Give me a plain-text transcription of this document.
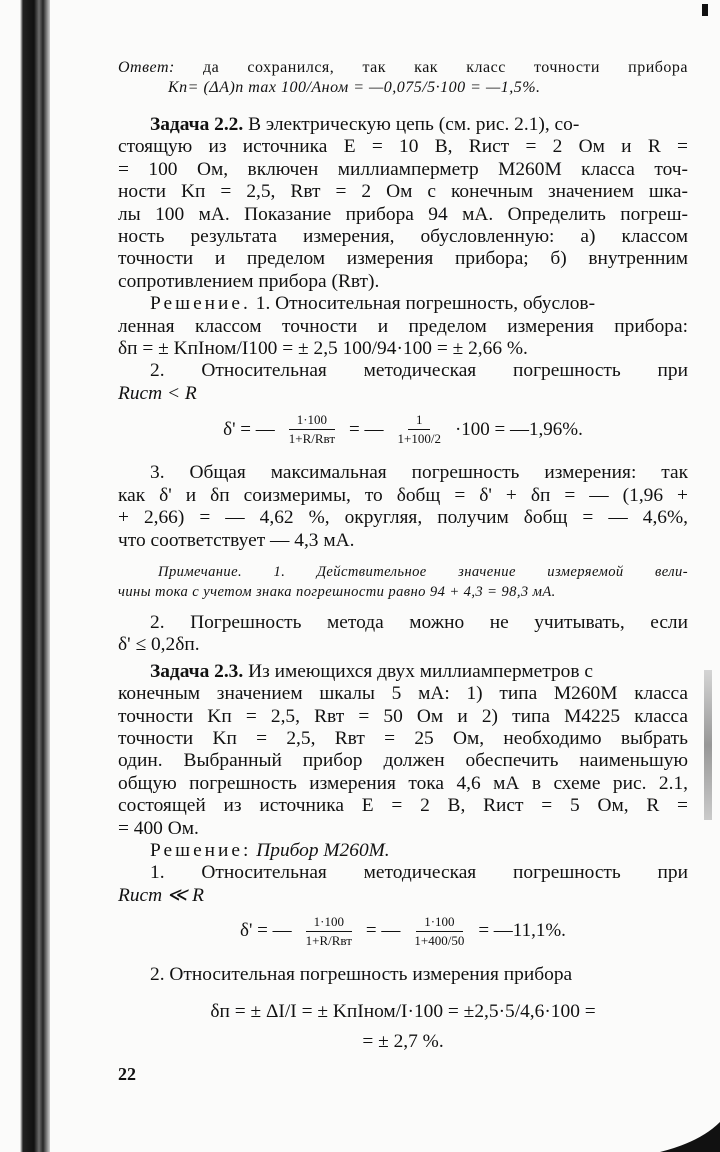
Ответ: да сохранился, так как класс точности прибора
Kп= (ΔA)п max 100/Aном = —0,075/5·100 = —1,5%.
Задача 2.2. В электрическую цепь (см. рис. 2.1), со-
стоящую из источника E = 10 В, Rист = 2 Ом и R =
= 100 Ом, включен миллиамперметр М260М класса точ-
ности Kп = 2,5, Rвт = 2 Ом с конечным значением шка-
лы 100 мА. Показание прибора 94 мА. Определить погреш-
ность результата измерения, обусловленную: а) классом
точности и пределом измерения прибора; б) внутренним
сопротивлением прибора (Rвт).
Решение. 1. Относительная погрешность, обуслов-
ленная классом точности и пределом измерения прибора:
δп = ± KпIном/I100 = ± 2,5 100/94·100 = ± 2,66 %.
2. Относительная методическая погрешность при
Rист < R
δ' = — $\frac{1\cdot 100}{\text{1+R/Rвт}}$ = — $\frac{1}{1+100/2} \cdot 100$ = —1,96%.
3. Общая максимальная погрешность измерения: так
как δ' и δп соизмеримы, то δобщ = δ' + δп = — (1,96 +
+ 2,66) = — 4,62 %, округляя, получим δобщ = — 4,6%,
что соответствует — 4,3 мА.
Примечание. 1. Действительное значение измеряемой вели-
чины тока с учетом знака погрешности равно 94 + 4,3 = 98,3 мА.
2. Погрешность метода можно не учитывать, если
δ' ≤ 0,2δп.
Задача 2.3. Из имеющихся двух миллиамперметров с
конечным значением шкалы 5 мА: 1) типа М260М класса
точности Kп = 2,5, Rвт = 50 Ом и 2) типа М4225 класса
точности Kп = 2,5, Rвт = 25 Ом, необходимо выбрать
один. Выбранный прибор должен обеспечить наименьшую
общую погрешность измерения тока 4,6 мА в схеме рис. 2.1,
состоящей из источника E = 2 В, Rист = 5 Ом, R =
= 400 Ом.
Решение: Прибор М260М.
1. Относительная методическая погрешность при
Rист ≪ R
δ' = — $\frac{1\cdot 100}{\text{1+R/Rвт}}$ = — $\frac{1\cdot 100}{1+400/50}$ = —11,1%.
2. Относительная погрешность измерения прибора
δп = ± ΔI/I = ± KпIном/I·100 = ±2,5·5/4,6·100 =
= ± 2,7 %.
22
